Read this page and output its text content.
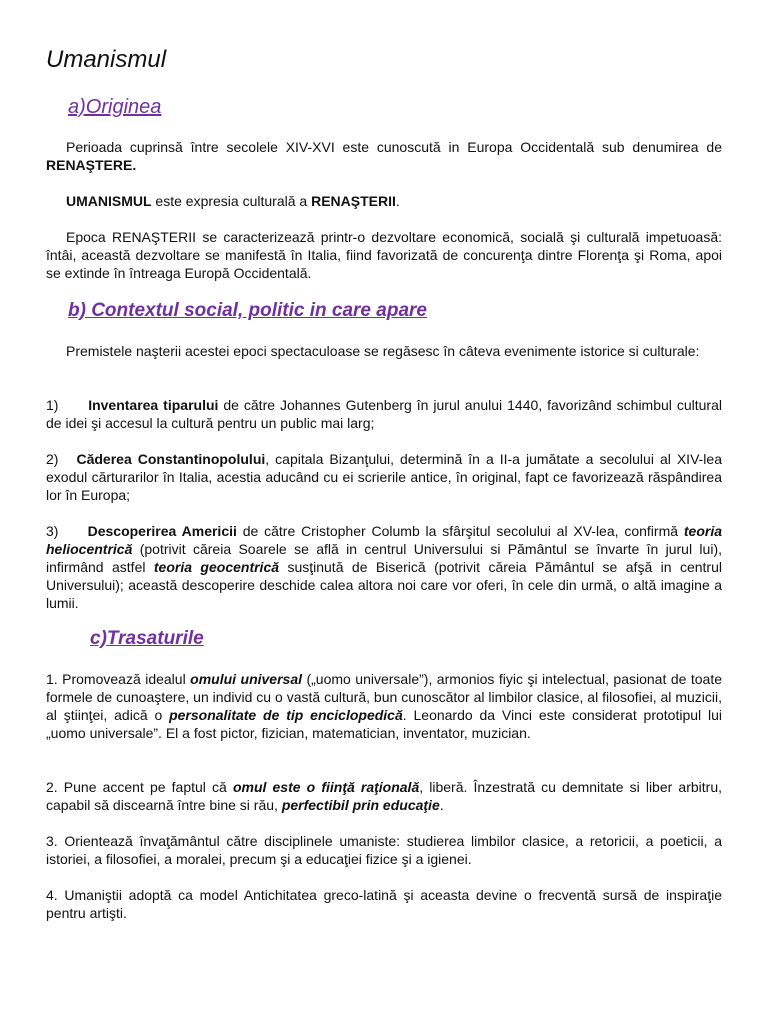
Umanismul
a)Originea

Perioada cuprinsă între secolele XIV-XVI este cunoscută in Europa Occidentală sub denumirea de RENAŞTERE.

UMANISMUL este expresia culturală a RENAŞTERII.

Epoca RENAŞTERII se caracterizează printr-o dezvoltare economică, socială şi culturală impetuoasă: întâi, această dezvoltare se manifestă în Italia, fiind favorizată de concurenţa dintre Florenţa şi Roma, apoi se extinde în întreaga Europă Occidentală.

b) Contextul social, politic in care apare

Premistele naşterii acestei epoci spectaculoase se regăsesc în câteva evenimente istorice si culturale:

1) Inventarea tiparului de către Johannes Gutenberg în jurul anului 1440, favorizând schimbul cultural de idei şi accesul la cultură pentru un public mai larg;

2) Căderea Constantinopolului, capitala Bizanţului, determină în a II-a jumătate a secolului al XIV-lea exodul cărturarilor în Italia, acestia aducând cu ei scrierile antice, în original, fapt ce favorizează răspândirea lor în Europa;

3) Descoperirea Americii de către Cristopher Columb la sfârşitul secolului al XV-lea, confirmă teoria heliocentrică (potrivit căreia Soarele se află in centrul Universului si Pământul se învarte în jurul lui), infirmând astfel teoria geocentrică susţinută de Biserică (potrivit căreia Pământul se afşă in centrul Universului); această descoperire deschide calea altora noi care vor oferi, în cele din urmă, o altă imagine a lumii.

c)Trasaturile

1. Promovează idealul omului universal („uomo universale”), armonios fiyic şi intelectual, pasionat de toate formele de cunoaştere, un individ cu o vastă cultură, bun cunoscător al limbilor clasice, al filosofiei, al muzicii, al ştiinţei, adică o personalitate de tip enciclopedică. Leonardo da Vinci este considerat prototipul lui „uomo universale”. El a fost pictor, fizician, matematician, inventator, muzician.

2. Pune accent pe faptul că omul este o fiinţă raţională, liberă. Înzestrată cu demnitate si liber arbitru, capabil să discearnă între bine si rău, perfectibil prin educaţie.

3. Orientează învaţământul către disciplinele umaniste: studierea limbilor clasice, a retoricii, a poeticii, a istoriei, a filosofiei, a moralei, precum şi a educaţiei fizice şi a igienei.

4. Umaniştii adoptă ca model Antichitatea greco-latină şi aceasta devine o frecventă sursă de inspiraţie pentru artişti.
